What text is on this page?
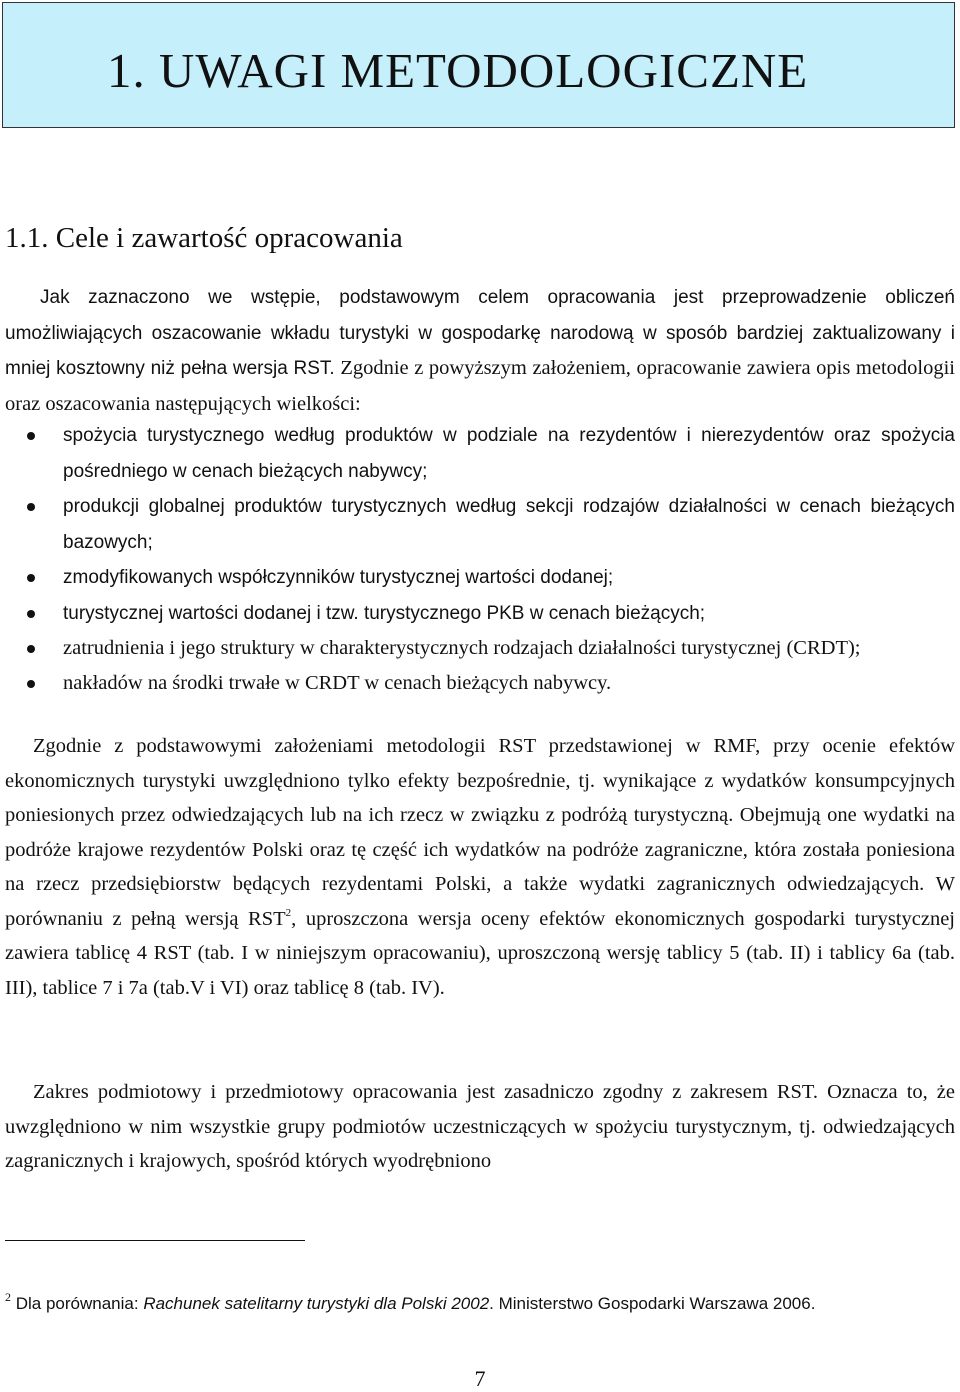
1. UWAGI METODOLOGICZNE
1.1. Cele i zawartość opracowania

Jak zaznaczono we wstępie, podstawowym celem opracowania jest przeprowadzenie obliczeń umożliwiających oszacowanie wkładu turystyki w gospodarkę narodową w sposób bardziej zaktualizowany i mniej kosztowny niż pełna wersja RST. Zgodnie z powyższym założeniem, opracowanie zawiera opis metodologii oraz oszacowania następujących wielkości:

spożycia turystycznego według produktów w podziale na rezydentów i nierezydentów oraz spożycia pośredniego w cenach bieżących nabywcy;
produkcji globalnej produktów turystycznych według sekcji rodzajów działalności w cenach bieżących bazowych;
zmodyfikowanych współczynników turystycznej wartości dodanej;
turystycznej wartości dodanej i tzw. turystycznego PKB w cenach bieżących;
zatrudnienia i jego struktury w charakterystycznych rodzajach działalności turystycznej (CRDT);
nakładów na środki trwałe w CRDT w cenach bieżących nabywcy.

Zgodnie z podstawowymi założeniami metodologii RST przedstawionej w RMF, przy ocenie efektów ekonomicznych turystyki uwzględniono tylko efekty bezpośrednie, tj. wynikające z wydatków konsumpcyjnych poniesionych przez odwiedzających lub na ich rzecz w związku z podróżą turystyczną. Obejmują one wydatki na podróże krajowe rezydentów Polski oraz tę część ich wydatków na podróże zagraniczne, która została poniesiona na rzecz przedsiębiorstw będących rezydentami Polski, a także wydatki zagranicznych odwiedzających. W porównaniu z pełną wersją RST$^2$, uproszczona wersja oceny efektów ekonomicznych gospodarki turystycznej zawiera tablicę 4 RST (tab. I w niniejszym opracowaniu), uproszczoną wersję tablicy 5 (tab. II) i tablicy 6a (tab. III), tablice 7 i 7a (tab.V i VI) oraz tablicę 8 (tab. IV).

Zakres podmiotowy i przedmiotowy opracowania jest zasadniczo zgodny z zakresem RST. Oznacza to, że uwzględniono w nim wszystkie grupy podmiotów uczestniczących w spożyciu turystycznym, tj. odwiedzających zagranicznych i krajowych, spośród których wyodrębniono

$^2$ Dla porównania: Rachunek satelitarny turystyki dla Polski 2002. Ministerstwo Gospodarki Warszawa 2006.

7
